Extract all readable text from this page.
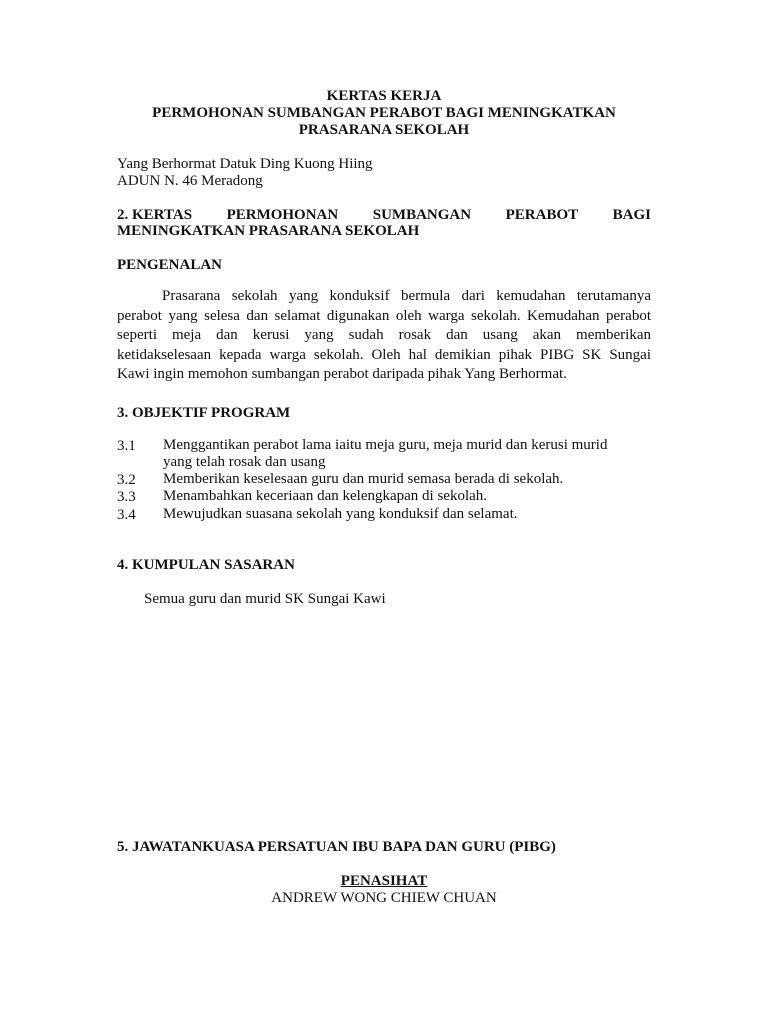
KERTAS KERJA

PERMOHONAN SUMBANGAN PERABOT BAGI MENINGKATKAN

PRASARANA SEKOLAH

Yang Berhormat Datuk Ding Kuong Hiing

ADUN N. 46 Meradong

2. KERTAS PERMOHONAN SUMBANGAN PERABOT BAGI

MENINGKATKAN PRASARANA SEKOLAH

PENGENALAN

Prasarana sekolah yang konduksif bermula dari kemudahan terutamanya
perabot yang selesa dan selamat digunakan oleh warga sekolah. Kemudahan perabot
seperti meja dan kerusi yang sudah rosak dan usang akan memberikan
ketidakselesaan kepada warga sekolah. Oleh hal demikian pihak PIBG SK Sungai
Kawi ingin memohon sumbangan perabot daripada pihak Yang Berhormat.

3. OBJEKTIF PROGRAM

3.1 Menggantikan perabot lama iaitu meja guru, meja murid dan kerusi murid
yang telah rosak dan usang
3.2 Memberikan keselesaan guru dan murid semasa berada di sekolah.
3.3 Menambahkan keceriaan dan kelengkapan di sekolah.
3.4 Mewujudkan suasana sekolah yang konduksif dan selamat.

4. KUMPULAN SASARAN

Semua guru dan murid SK Sungai Kawi

5. JAWATANKUASA PERSATUAN IBU BAPA DAN GURU (PIBG)

PENASIHAT

ANDREW WONG CHIEW CHUAN
